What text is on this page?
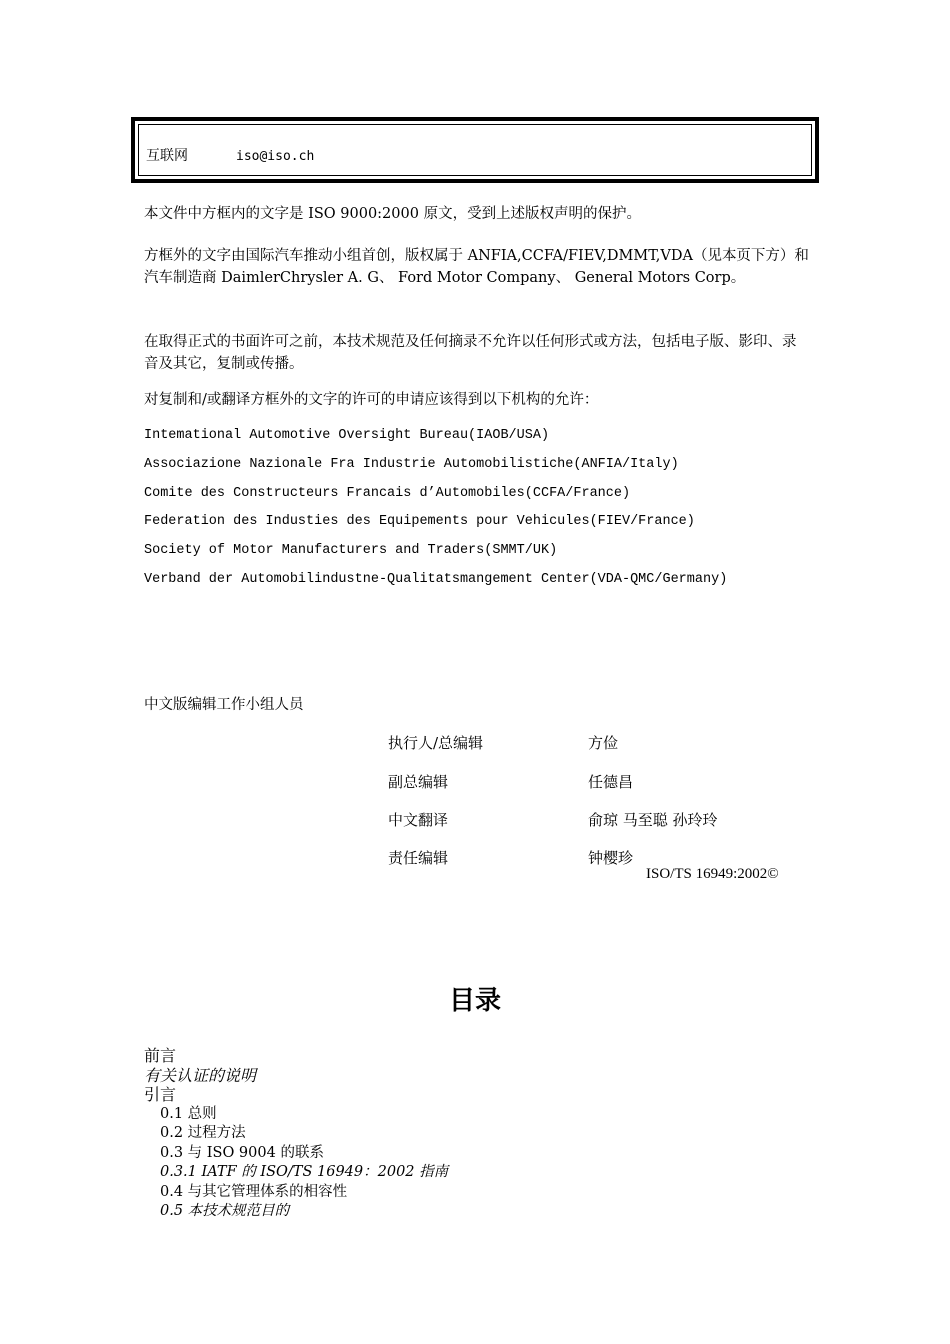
互联网	iso@iso.ch
本文件中方框内的文字是 ISO 9000:2000 原文，受到上述版权声明的保护。
方框外的文字由国际汽车推动小组首创，版权属于 ANFIA,CCFA/FIEV,DMMT,VDA（见本页下方）和汽车制造商 DaimlerChrysler A. G、 Ford Motor Company、 General Motors Corp。
在取得正式的书面许可之前，本技术规范及任何摘录不允许以任何形式或方法，包括电子版、影印、录音及其它，复制或传播。
对复制和/或翻译方框外的文字的许可的申请应该得到以下机构的允许：
Intemational Automotive Oversight Bureau(IAOB/USA)
Associazione Nazionale Fra Industrie Automobilistiche(ANFIA/Italy)
Comite des Constructeurs Francais d’Automobiles(CCFA/France)
Federation des Industies des Equipements pour Vehicules(FIEV/France)
Society of Motor Manufacturers and Traders(SMMT/UK)
Verband der Automobilindustne-Qualitatsmangement Center(VDA-QMC/Germany)
中文版编辑工作小组人员
执行人/总编辑	方俭
副总编辑	任德昌
中文翻译	俞琼 马至聪 孙玲玲
责任编辑	钟樱珍
ISO/TS 16949:2002©
目录
前言
有关认证的说明
引言
0.1 总则
0.2 过程方法
0.3 与 ISO 9004 的联系
0.3.1 IATF 的 ISO/TS 16949：2002 指南
0.4 与其它管理体系的相容性
0.5 本技术规范目的
